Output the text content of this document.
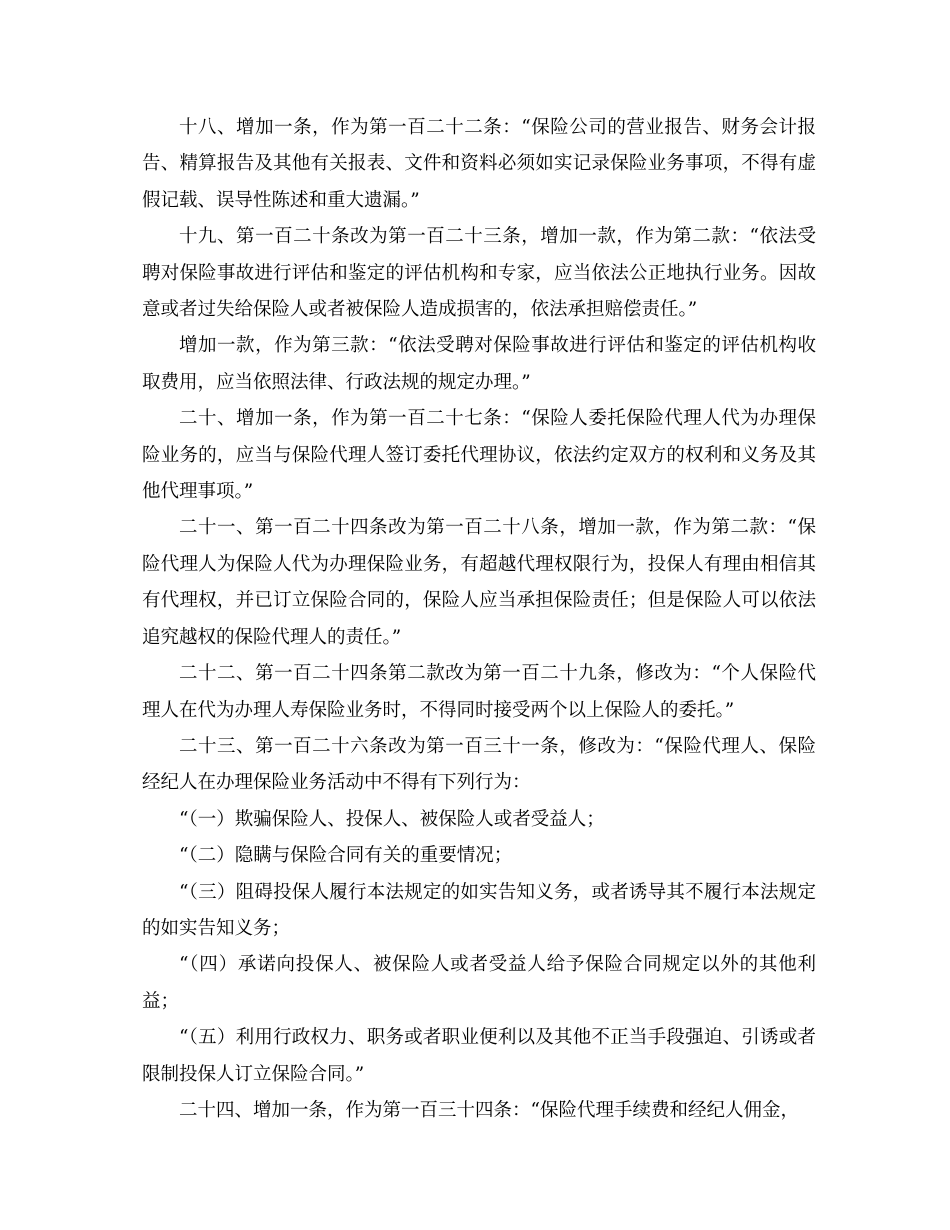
十八、增加一条，作为第一百二十二条：“保险公司的营业报告、财务会计报告、精算报告及其他有关报表、文件和资料必须如实记录保险业务事项，不得有虚假记载、误导性陈述和重大遗漏。”

十九、第一百二十条改为第一百二十三条，增加一款，作为第二款：“依法受聘对保险事故进行评估和鉴定的评估机构和专家，应当依法公正地执行业务。因故意或者过失给保险人或者被保险人造成损害的，依法承担赔偿责任。”

增加一款，作为第三款：“依法受聘对保险事故进行评估和鉴定的评估机构收取费用，应当依照法律、行政法规的规定办理。”

二十、增加一条，作为第一百二十七条：“保险人委托保险代理人代为办理保险业务的，应当与保险代理人签订委托代理协议，依法约定双方的权利和义务及其他代理事项。”

二十一、第一百二十四条改为第一百二十八条，增加一款，作为第二款：“保险代理人为保险人代为办理保险业务，有超越代理权限行为，投保人有理由相信其有代理权，并已订立保险合同的，保险人应当承担保险责任；但是保险人可以依法追究越权的保险代理人的责任。”

二十二、第一百二十四条第二款改为第一百二十九条，修改为：“个人保险代理人在代为办理人寿保险业务时，不得同时接受两个以上保险人的委托。”

二十三、第一百二十六条改为第一百三十一条，修改为：“保险代理人、保险经纪人在办理保险业务活动中不得有下列行为：

“（一）欺骗保险人、投保人、被保险人或者受益人；

“（二）隐瞒与保险合同有关的重要情况；

“（三）阻碍投保人履行本法规定的如实告知义务，或者诱导其不履行本法规定的如实告知义务；

“（四）承诺向投保人、被保险人或者受益人给予保险合同规定以外的其他利益；

“（五）利用行政权力、职务或者职业便利以及其他不正当手段强迫、引诱或者限制投保人订立保险合同。”

二十四、增加一条，作为第一百三十四条：“保险代理手续费和经纪人佣金，
